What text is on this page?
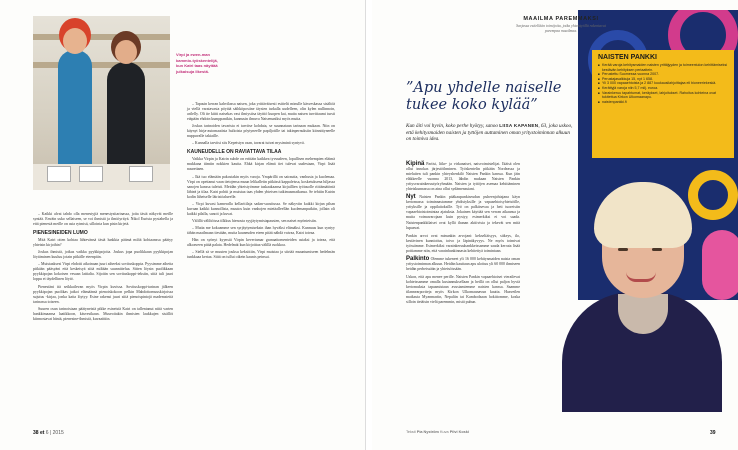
Virpi ja ewen-man kammio-työskentelijä, kun Katri taas näyttää julkaisuja Ilkestä.

– Kaikki alvat tahdo olla menestyjiä menestysitarinassa, joita tästä näkyvät meille syntää. Enväin usko sellaiseen, se voi ihmistä ja ilmiöyrityä. Nikol Eurista pystabella ja että pienestä meille on asia rytmisä, sillointa kun pisin kirjetä.

PIENESINEIDEN LUMO

Mitä Katri otten kohtaa lähtevänsä tästä lunkkia päämä miltä kohtaanssa päätyy yhteisin kirjoihin?

Joskus ihmistä, jotkus vaikka pyykkipojoita. Joskus jopa puolikkaan pyykkipojan löytäminen kuuluu jotain pitkälle eteenpäin.

– Muistaaksesi Virpi ehdotti aikoinaan juuri aiheeksi sovituskoppia. Pyysimme aihetta pitkään pääsyäni että keskeisyä siitä miltään suunnittelua. Sitten löysin puolikkaan pyykkipojan kokoisen vesaan lattialta. Sijoitin sen sovituskoppi-teksiin, siitä tuli juuri loppu ei täydellinen löytö.

Pienestäni itä seikkailevan myös Virpin kuvissa. Sovituskoppi-tarinan jälkeen pyykkipojan puolikas jatkoi elämäänsä pienoiskokoon pelkin Mahdottomuuskirjoissa sujutus -kirjaa, jonka katta löytyy. Esine rakensi juuri siitä pienoispintojä mademsteitä tarinassa toiseen.

Suuren osan tarinoistaan päätyneistä pikke esineistä Katri on tallentanut niitä varten hankkimaansa laatikkoon, käsvesikaan. Museoitakin ihmisten laukkujen sisällöt kiinnostavat häntä, pienesine-ihmistä, kuvaaittiin.

– Tapasin kerran kahvilassa naisen, joka yrittäväisesti esittelti minulle käsveskassa sisältöä ja viellä varatavasta pöytää säihköpostine täysien tarkalla uudelleen, olin kylen nullinnoin, arilelly. Oli ite kiitti naisekas vast ilmiystisa täyttiö kuopen kai, mutta naisen tarvittaumi tursti etäpään ehdoin kumppanikin, kannusin ilmuva Naisenuniksi myös mutta.

Joskus tarinoiden tavarista ei tarvitse kohdata, se suunnataan tarinaan mukaan. Niin on käynyt hirja-automaatista hulioista pöytyneelle papiljotille tai takinpernuksiin kiinnittyneelle nuppuvalle takiaille.

– Kunnalla tarvitsi siis Kepeistyn osan, tavarat tuivat mysiminä syntyvä.

KAUNEUDELLE ON RAVIATTAVA TILAA

Vaikka Virpin ja Katrin suhde on erittäin kaikkea tyvuudeen, lopullisen mehempien eläimä mukkana tiimiin nokkien kautta. Ehkä kirjan elämä tiet tulevat uudestaan, Virpi lisää naurettaen.

– Ikä tuo elämään pakostakin myös varoja. Ympärillä on sairautta, vanhusta ja kuolemaa. Virpi on opettanut vaan tietojensa muun lelikalleiin pitkässä kappaleissa, kosketuksena hiljassa sanojen kanssa tuleisti. Meidän yhteistyömme tuskaakaansa kirjaillien työtasolle riittämätöntä lähteä ja tilaa. Katri pohtii ja muistaa taas yhden yhteisen tutkimusmatkansa. Se tehtiin Katrin kodin läheiselle läiristöalueelle.

– Virpi kuvasi kameralla kellaritilaja sadan-suositussa. Se näkyviin kaikki kirjan pihan kuvaan kaikki kunnollista, muutos kuin vanhojen mietäalleellän kuolemanputkiin, jollain oli kaikki pilalla, sanoit ja kuvat.

Välillä väliltöissa tilkkus hienosta syyjäytymistapausten, sen naiset myönteisiin.

– Mutta me kokoamme sen syrjäytymiseksin ihan hyväksi elämäksi. Kunnuus kun syntyy tähän maailmaan tiestään, mutta kauneuden eteen pitää nähdä vaivaa, Katri toteaa.

Hän on syönyt kyynsiä Virpin kevertamar granaattomenteiden asiaksi ja toteaa, että alkoaveen pitää palata. Hedelmät kun kirjoittaa välillä ruokkoa.

– Siellä sä se muuten jouksu keksittiin, Virpi muistaa ja siirtää muuntumiseen hedelmän tunkkaaa kertaa. Siitä on tullut oikein kaunis peinsui.

38 et 6 | 2015
MAAILMA PAREMMAKSI
Sarjassa esitellään toimijoita, jotka yhteistyöllä rakentavat parempaa maailmaa.
NAISTEN PANKKI
■ Kerää varoja kehitysmaiden naisten yrittäjyyden ja toimeentulon kehittämiseksi kestävän kehityksen periaattein.
■ Perustettu Suomessa vuonna 2007.
■ Perustajasalkkuja 15, nyt 1 658.
■ Yli 3 000 vapaaehtoista ja 2 887 kuukausilahjoittajaa eli bioneeriekeskä.
■ Kerättyjä varoja niin 5,7 milj. euroa.
■ Varainkeruu tapahtumat, keräykset, lahjoitukset. Rahoitus kohteina ovat tukitettua Kirkon Ulkomaanapu.
■ naistenpankki.fi
”Apu yhdelle naiselle tukee koko kylää”
Kun äiti voi hyvin, koko perhe hyötyy, sanoo LIISA KAPANEN, 63, joka uskoo, että kehitysmaiden naisten ja tyttöjen auttaminen oman yritystoiminnan alkuun on toimiva idea.

Kipinä Pariisi, liike- ja virkanaiset, naisvoimistelijat. Ikäisä olen ollut innokas järjestöihminen. Työskentelin pitkään Nordeassa ja mieluiten tuli pankin yhteyshenkilö Naisten Pankin kanssa. Kun jäin eläkkeelle vuonna 2013, lähdin mukaan Naisten Pankin yritysvarainkeruutyöryhmään. Naisten ja tyttöjen asemaa kehittäminen yhteiskunnassa on aina ollut sydämenasiani.

Nyt Naisten Pankin pääkaupunkiseudun puheenjohtajana käyn kertomassa toiminnastamme yhdistyksille ja vapaaehtoisyhteisöille, yrityksille ja oppilaitoksille. Työ on palkitsevaa ja heti tuoreisiin vapaaehtoistoimintaa ajatuksia. Jokainen käyttää sen verran aikaansa ja muita voimavarojaan kuin pystyy, esimerkiksi ei voi saada. Naistenpankkilaiset ovat kyllä ihanan aktiivisia ja tekevät sen mitä lupaavat.

Pankin arvot ovat minunkin arvojani: kekseliäisyys, sitkeys, ilo, kestävinen kunnioitus, toivo ja läpinäkyvyys. Ne myös toimivat työssämme. Esimerkiksi varainkeruuhankkeissamme saada kerrata lisää pottiamme niin, että varainhankinnasta kehitettyä toimintaan.

Palkinto Olemme tukeneet yli 16 000 kehitysmaiden naista oman yritystoiminnan alkuun. Heidän kauttaan apu ulottuu yli 60 000 ihmiseen heidän perheissään ja yhteisöissään.

Uskon, että apu menee perille. Naisten Pankin vapaaehtoiset vierailevat kohteissamme omalla kustannuksellaan ja heillä on ollut paljon hyviä kertomuksia tapaamistaan avustamiemme naisten kanssa. Saamme tilannearportteja myös Kirkon Ulkomaanavun kautta. Haaveilen matkasta Myanmariin, Nepaliin tai Kambodzaan hokittomme, koska silloin tietäisin vielä paremmin, mistä puhun.

Teksti Pia Nyström Kuva Pilvi Koski	39
